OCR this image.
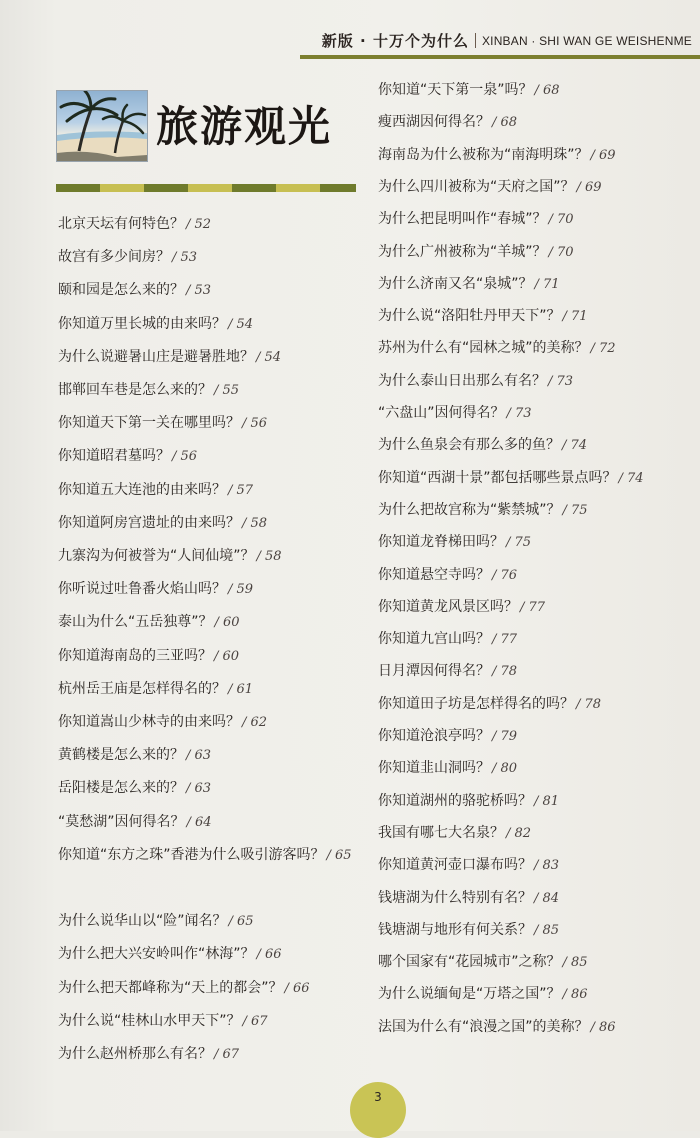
新版 · 十万个为什么 XINBAN · SHI WAN GE WEISHENME
旅游观光
北京天坛有何特色？ / 52
故宫有多少间房？ / 53
颐和园是怎么来的？ / 53
你知道万里长城的由来吗？ / 54
为什么说避暑山庄是避暑胜地？ / 54
邯郸回车巷是怎么来的？ / 55
你知道天下第一关在哪里吗？ / 56
你知道昭君墓吗？ / 56
你知道五大连池的由来吗？ / 57
你知道阿房宫遗址的由来吗？ / 58
九寨沟为何被誉为“人间仙境”？ / 58
你听说过吐鲁番火焰山吗？ / 59
泰山为什么“五岳独尊”？ / 60
你知道海南岛的三亚吗？ / 60
杭州岳王庙是怎样得名的？ / 61
你知道嵩山少林寺的由来吗？ / 62
黄鹤楼是怎么来的？ / 63
岳阳楼是怎么来的？ / 63
“莫愁湖”因何得名？ / 64
你知道“东方之珠”香港为什么吸引游客吗？ / 65
为什么说华山以“险”闻名？ / 65
为什么把大兴安岭叫作“林海”？ / 66
为什么把天都峰称为“天上的都会”？ / 66
为什么说“桂林山水甲天下”？ / 67
为什么赵州桥那么有名？ / 67
你知道“天下第一泉”吗？ / 68
瘦西湖因何得名？ / 68
海南岛为什么被称为“南海明珠”？ / 69
为什么四川被称为“天府之国”？ / 69
为什么把昆明叫作“春城”？ / 70
为什么广州被称为“羊城”？ / 70
为什么济南又名“泉城”？ / 71
为什么说“洛阳牡丹甲天下”？ / 71
苏州为什么有“园林之城”的美称？ / 72
为什么泰山日出那么有名？ / 73
“六盘山”因何得名？ / 73
为什么鱼泉会有那么多的鱼？ / 74
你知道“西湖十景”都包括哪些景点吗？ / 74
为什么把故宫称为“紫禁城”？ / 75
你知道龙脊梯田吗？ / 75
你知道悬空寺吗？ / 76
你知道黄龙风景区吗？ / 77
你知道九宫山吗？ / 77
日月潭因何得名？ / 78
你知道田子坊是怎样得名的吗？ / 78
你知道沧浪亭吗？ / 79
你知道韭山洞吗？ / 80
你知道湖州的骆驼桥吗？ / 81
我国有哪七大名泉？ / 82
你知道黄河壶口瀑布吗？ / 83
钱塘湖为什么特别有名？ / 84
钱塘湖与地形有何关系？ / 85
哪个国家有“花园城市”之称？ / 85
为什么说缅甸是“万塔之国”？ / 86
法国为什么有“浪漫之国”的美称？ / 86
3
